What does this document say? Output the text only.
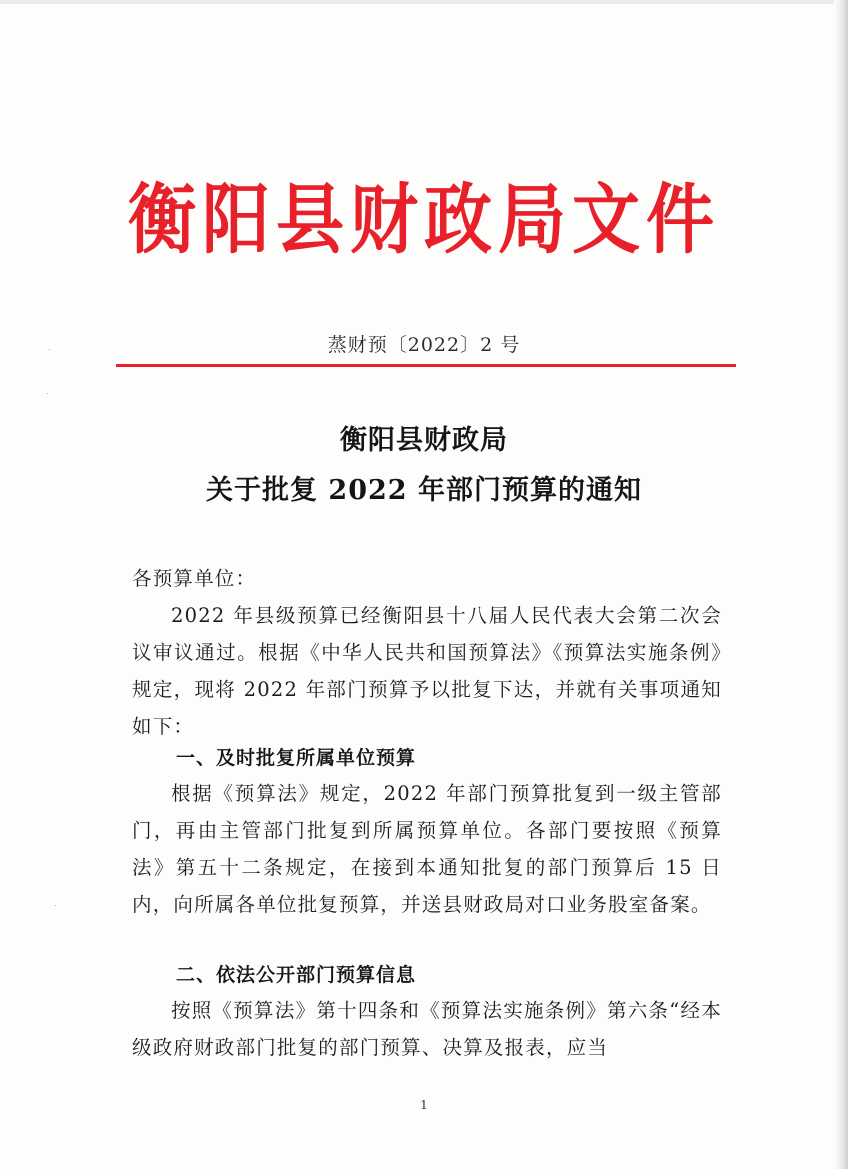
ᐧ
ᐧ
ᐧ
衡阳县财政局文件
蒸财预〔2022〕2 号
衡阳县财政局
关于批复 2022 年部门预算的通知
各预算单位：
2022 年县级预算已经衡阳县十八届人民代表大会第二次会议审议通过。根据《中华人民共和国预算法》《预算法实施条例》规定，现将 2022 年部门预算予以批复下达，并就有关事项通知如下：
一、及时批复所属单位预算
根据《预算法》规定，2022 年部门预算批复到一级主管部门，再由主管部门批复到所属预算单位。各部门要按照《预算法》第五十二条规定，在接到本通知批复的部门预算后 15 日内，向所属各单位批复预算，并送县财政局对口业务股室备案。
二、依法公开部门预算信息
按照《预算法》第十四条和《预算法实施条例》第六条“经本级政府财政部门批复的部门预算、决算及报表，应当
1
